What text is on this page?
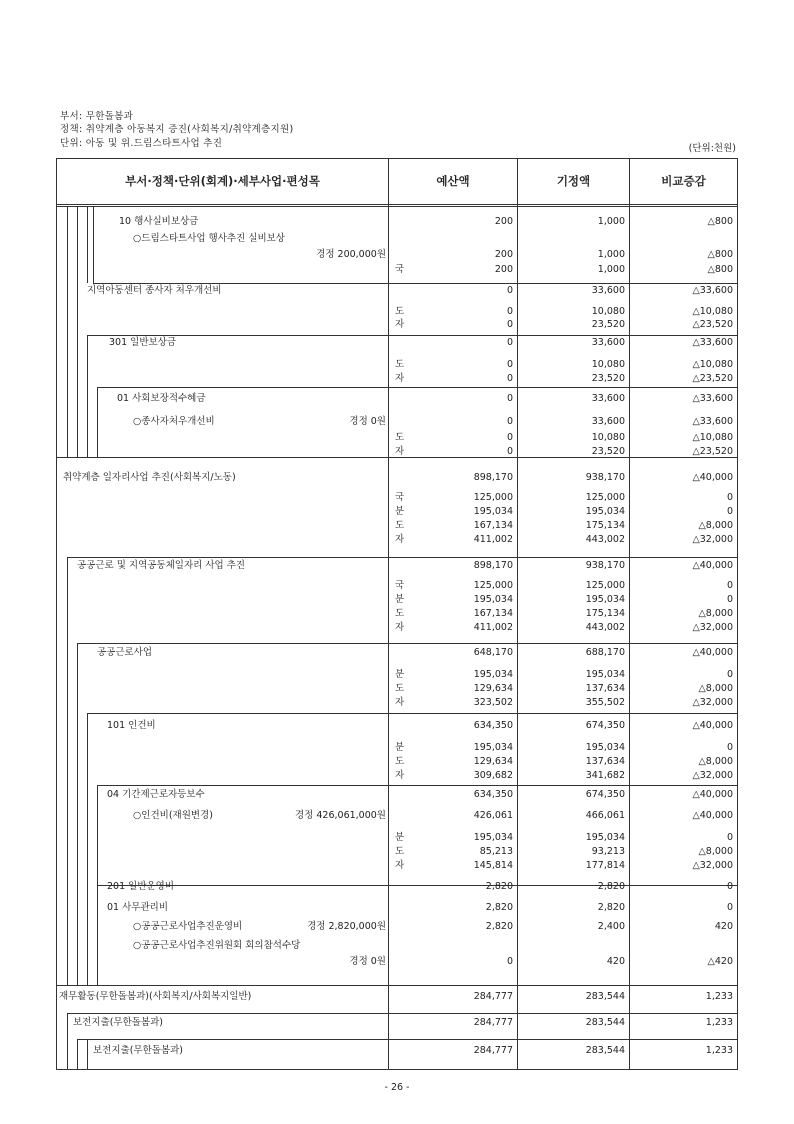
부서: 무한돌봄과
정책: 취약계층 아동복지 증진(사회복지/취약계층지원)
단위: 아동 및 위.드림스타트사업 추진	(단위:천원)
부서·정책·단위(회계)·세부사업·편성목	예산액	기정액	비교증감
10 행사실비보상금	200	1,000	△800
○드림스타트사업 행사추진 실비보상
경정 200,000원	200	1,000	△800
국	200	1,000	△800
지역아동센터 종사자 처우개선비	0	33,600	△33,600
도	0	10,080	△10,080
자	0	23,520	△23,520
301 일반보상금	0	33,600	△33,600
도	0	10,080	△10,080
자	0	23,520	△23,520
01 사회보장적수혜금	0	33,600	△33,600
○종사자처우개선비	경정 0원	0	33,600	△33,600
도	0	10,080	△10,080
자	0	23,520	△23,520
취약계층 일자리사업 추진(사회복지/노동)	898,170	938,170	△40,000
국	125,000	125,000	0
분	195,034	195,034	0
도	167,134	175,134	△8,000
자	411,002	443,002	△32,000
공공근로 및 지역공동체일자리 사업 추진	898,170	938,170	△40,000
국	125,000	125,000	0
분	195,034	195,034	0
도	167,134	175,134	△8,000
자	411,002	443,002	△32,000
공공근로사업	648,170	688,170	△40,000
분	195,034	195,034	0
도	129,634	137,634	△8,000
자	323,502	355,502	△32,000
101 인건비	634,350	674,350	△40,000
분	195,034	195,034	0
도	129,634	137,634	△8,000
자	309,682	341,682	△32,000
04 기간제근로자등보수	634,350	674,350	△40,000
○인건비(재원변경)	경정 426,061,000원	426,061	466,061	△40,000
분	195,034	195,034	0
도	85,213	93,213	△8,000
자	145,814	177,814	△32,000
201 일반운영비	2,820	2,820	0
01 사무관리비	2,820	2,820	0
○공공근로사업추진운영비	경정 2,820,000원	2,820	2,400	420
○공공근로사업추진위원회 회의참석수당
경정 0원	0	420	△420
재무활동(무한돌봄과)(사회복지/사회복지일반)	284,777	283,544	1,233
보전지출(무한돌봄과)	284,777	283,544	1,233
보전지출(무한돌봄과)	284,777	283,544	1,233
- 26 -
